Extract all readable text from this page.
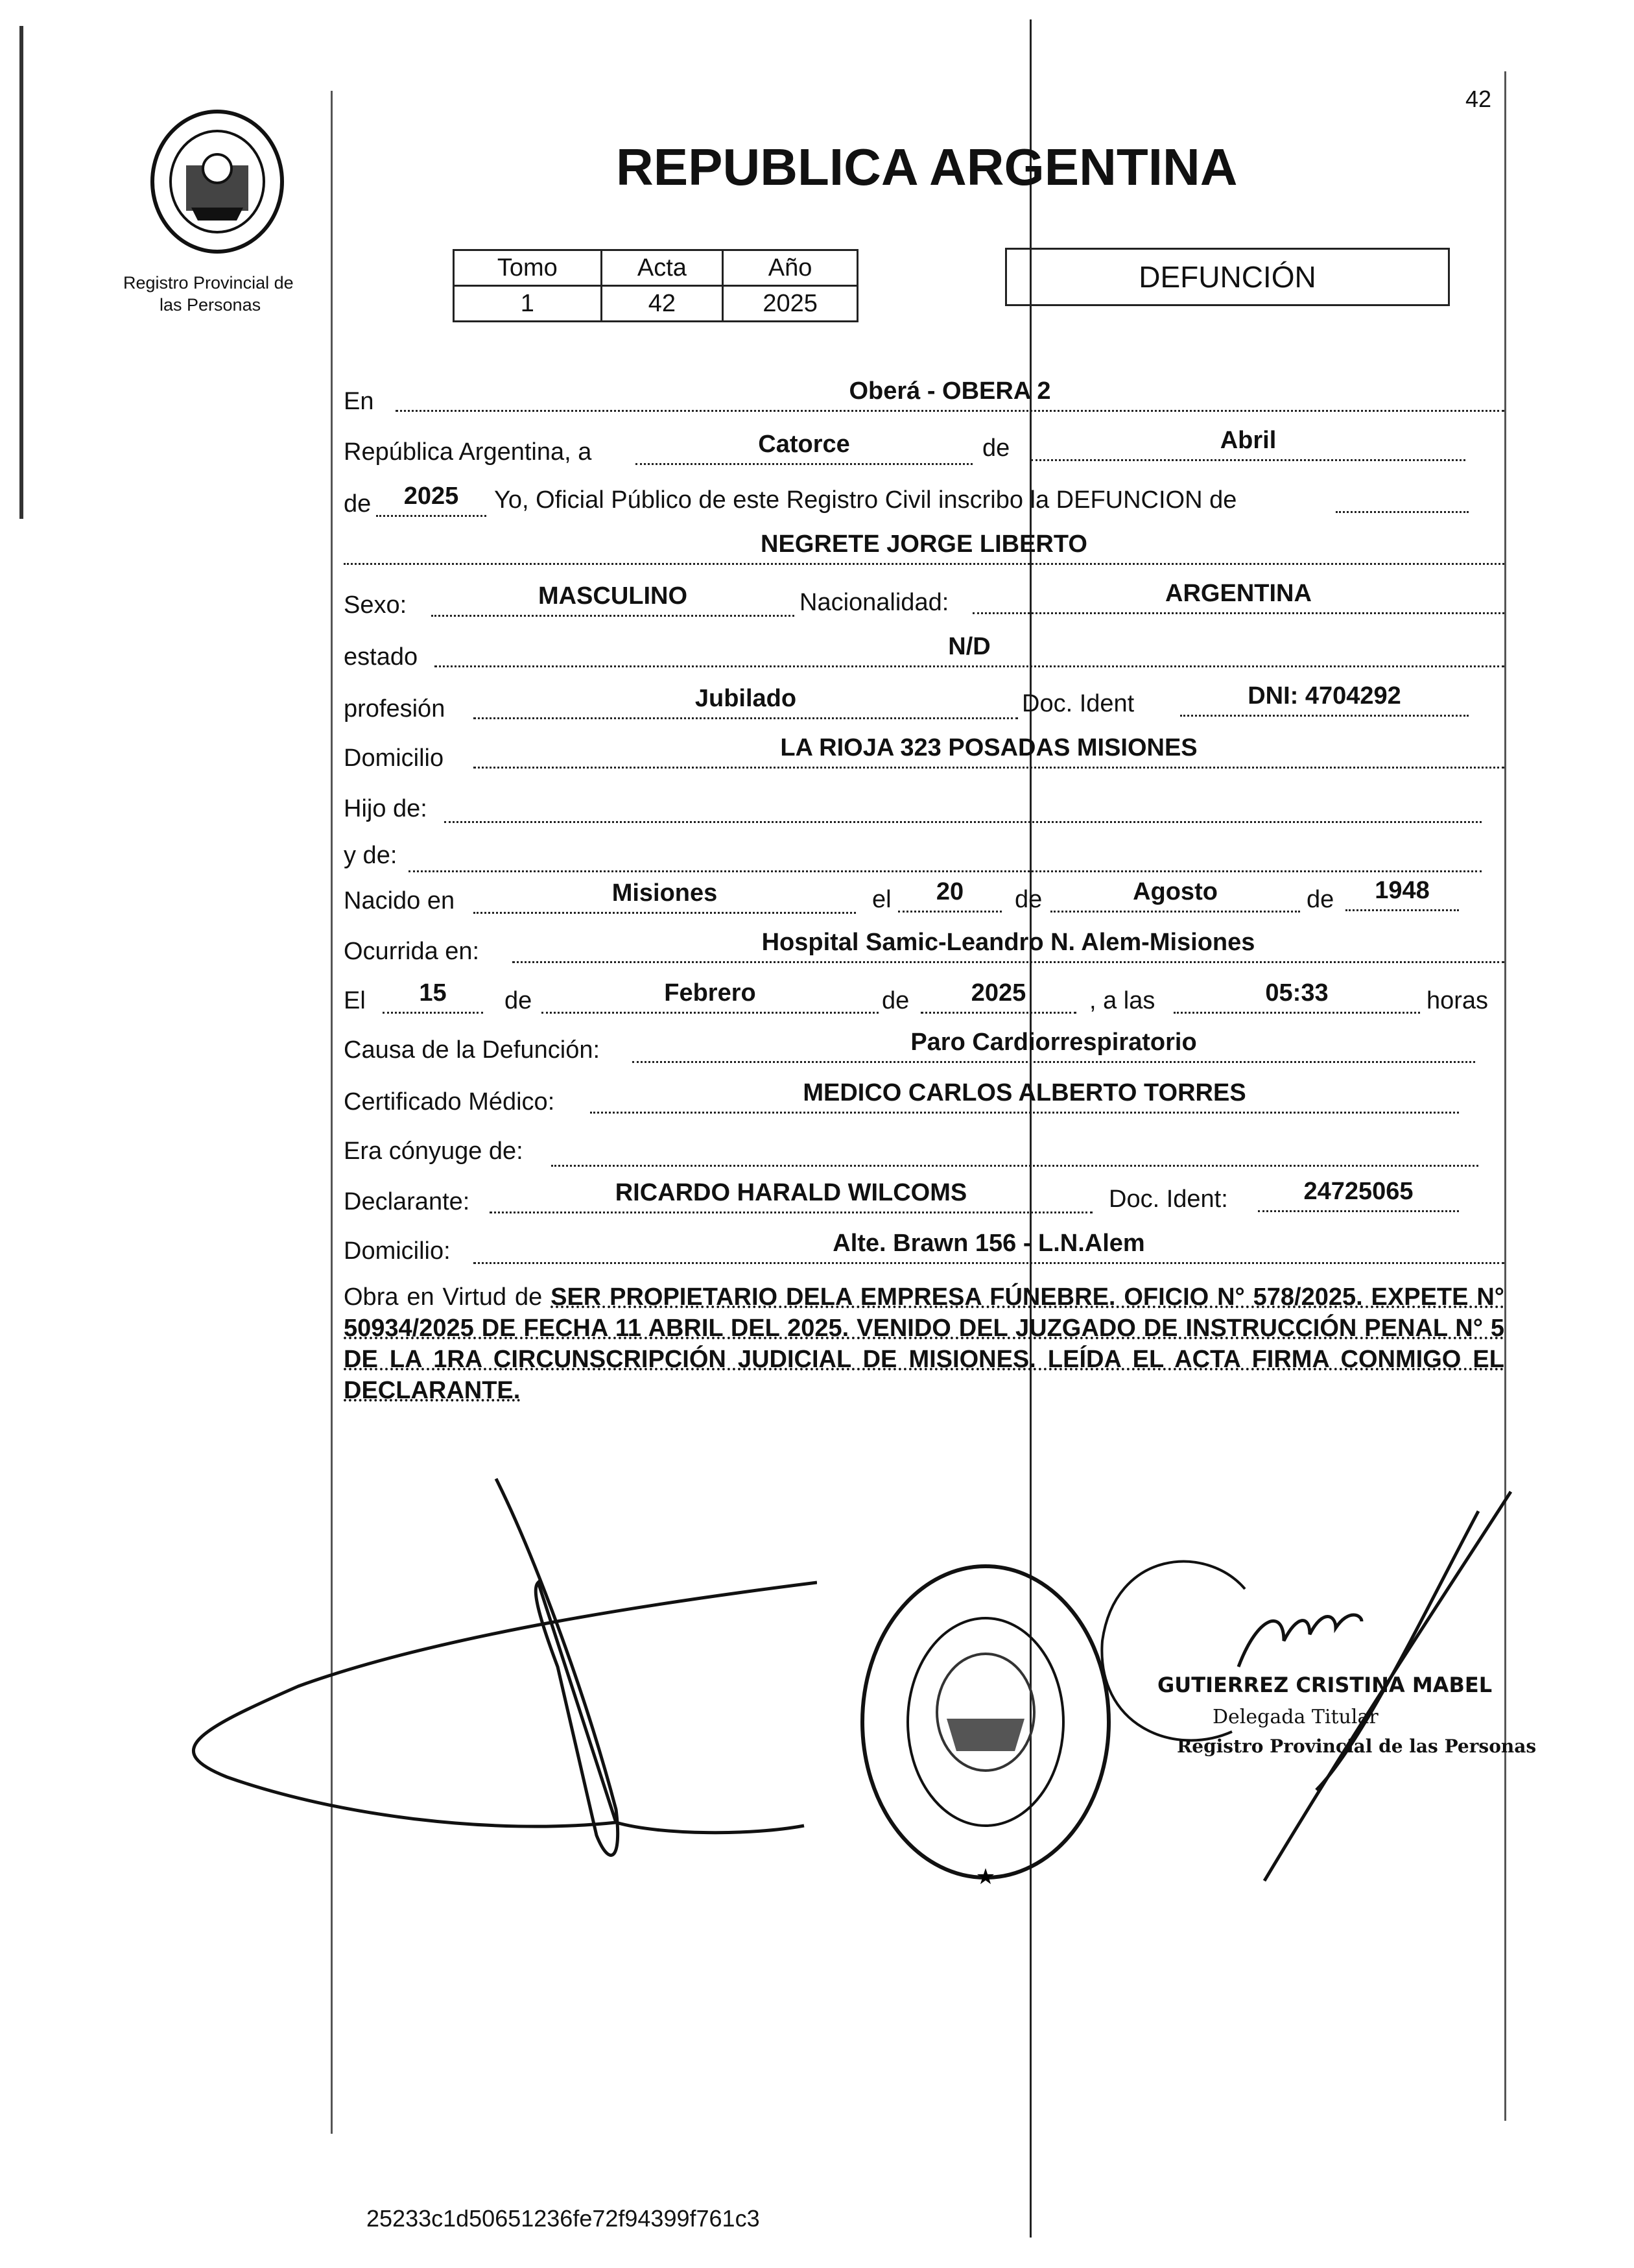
42
Registro Provincial de
las Personas
REPUBLICA ARGENTINA
Tomo	Acta	Año
1	42	2025
DEFUNCIÓN
En	Oberá - OBERA 2
República Argentina, a	Catorce	de	Abril
de	2025	Yo, Oficial Público de este Registro Civil inscribo la DEFUNCION de
NEGRETE JORGE LIBERTO
Sexo:	MASCULINO	Nacionalidad:	ARGENTINA
estado	N/D
profesión	Jubilado	Doc. Ident	DNI: 4704292
Domicilio	LA RIOJA 323 POSADAS MISIONES
Hijo de:
y de:
Nacido en	Misiones	el	20	de	Agosto	de	1948
Ocurrida en:	Hospital Samic-Leandro N. Alem-Misiones
El	15	de	Febrero	de	2025	, a las	05:33	horas
Causa de la Defunción:	Paro Cardiorrespiratorio
Certificado Médico:	MEDICO CARLOS ALBERTO TORRES
Era cónyuge de:
Declarante:	RICARDO HARALD WILCOMS	Doc. Ident:	24725065
Domicilio:	Alte. Brawn 156 - L.N.Alem
Obra en Virtud de SER PROPIETARIO DELA EMPRESA FÚNEBRE. OFICIO N° 578/2025. EXPETE N° 50934/2025 DE FECHA 11 ABRIL DEL 2025. VENIDO DEL JUZGADO DE INSTRUCCIÓN PENAL N° 5 DE LA 1RA CIRCUNSCRIPCIÓN JUDICIAL DE MISIONES. LEÍDA EL ACTA FIRMA CONMIGO EL DECLARANTE.
★
GUTIERREZ CRISTINA MABEL
Delegada Titular
Registro Provincial de las Personas
25233c1d50651236fe72f94399f761c3
